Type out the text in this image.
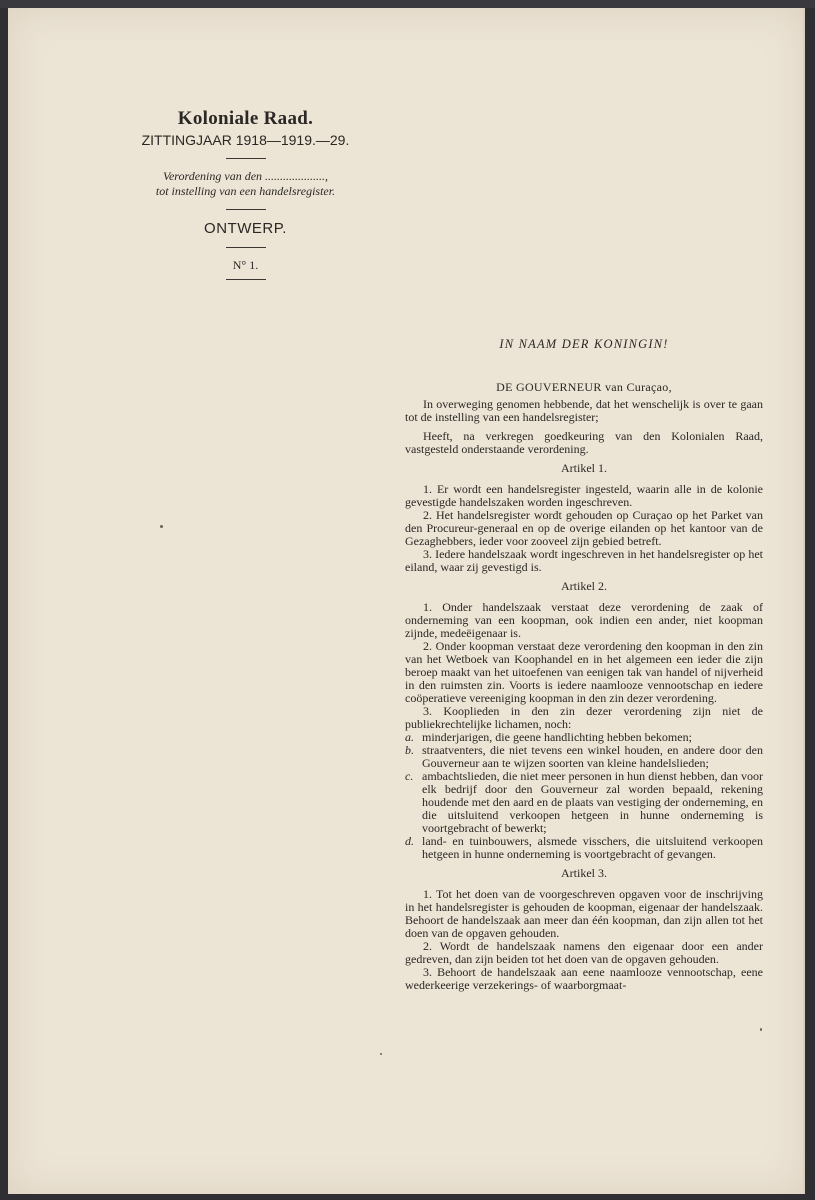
Koloniale Raad.
ZITTINGJAAR 1918—1919.—29.
Verordening van den ....................,
tot instelling van een handelsregister.
ONTWERP.
N° 1.

IN NAAM DER KONINGIN!

DE GOUVERNEUR van Curaçao,

In overweging genomen hebbende, dat het wenschelijk is over te gaan tot de instelling van een handelsregister;

Heeft, na verkregen goedkeuring van den Kolonialen Raad, vastgesteld onderstaande verordening.

Artikel 1.

1. Er wordt een handelsregister ingesteld, waarin alle in de kolonie gevestigde handelszaken worden ingeschreven.

2. Het handelsregister wordt gehouden op Curaçao op het Parket van den Procureur-generaal en op de overige eilanden op het kantoor van de Gezaghebbers, ieder voor zooveel zijn gebied betreft.

3. Iedere handelszaak wordt ingeschreven in het handelsregister op het eiland, waar zij gevestigd is.

Artikel 2.

1. Onder handelszaak verstaat deze verordening de zaak of onderneming van een koopman, ook indien een ander, niet koopman zijnde, medeëigenaar is.

2. Onder koopman verstaat deze verordening den koopman in den zin van het Wetboek van Koophandel en in het algemeen een ieder die zijn beroep maakt van het uitoefenen van eenigen tak van handel of nijverheid in den ruimsten zin. Voorts is iedere naamlooze vennootschap en iedere coöperatieve vereeniging koopman in den zin dezer verordening.

3. Kooplieden in den zin dezer verordening zijn niet de publiekrechtelijke lichamen, noch:

a. minderjarigen, die geene handlichting hebben bekomen;
b. straatventers, die niet tevens een winkel houden, en andere door den Gouverneur aan te wijzen soorten van kleine handelslieden;
c. ambachtslieden, die niet meer personen in hun dienst hebben, dan voor elk bedrijf door den Gouverneur zal worden bepaald, rekening houdende met den aard en de plaats van vestiging der onderneming, en die uitsluitend verkoopen hetgeen in hunne onderneming is voortgebracht of bewerkt;
d. land- en tuinbouwers, alsmede visschers, die uitsluitend verkoopen hetgeen in hunne onderneming is voortgebracht of gevangen.
Artikel 3.

1. Tot het doen van de voorgeschreven opgaven voor de inschrijving in het handelsregister is gehouden de koopman, eigenaar der handelszaak. Behoort de handelszaak aan meer dan één koopman, dan zijn allen tot het doen van de opgaven gehouden.

2. Wordt de handelszaak namens den eigenaar door een ander gedreven, dan zijn beiden tot het doen van de opgaven gehouden.

3. Behoort de handelszaak aan eene naamlooze vennootschap, eene wederkeerige verzekerings- of waarborgmaat-
